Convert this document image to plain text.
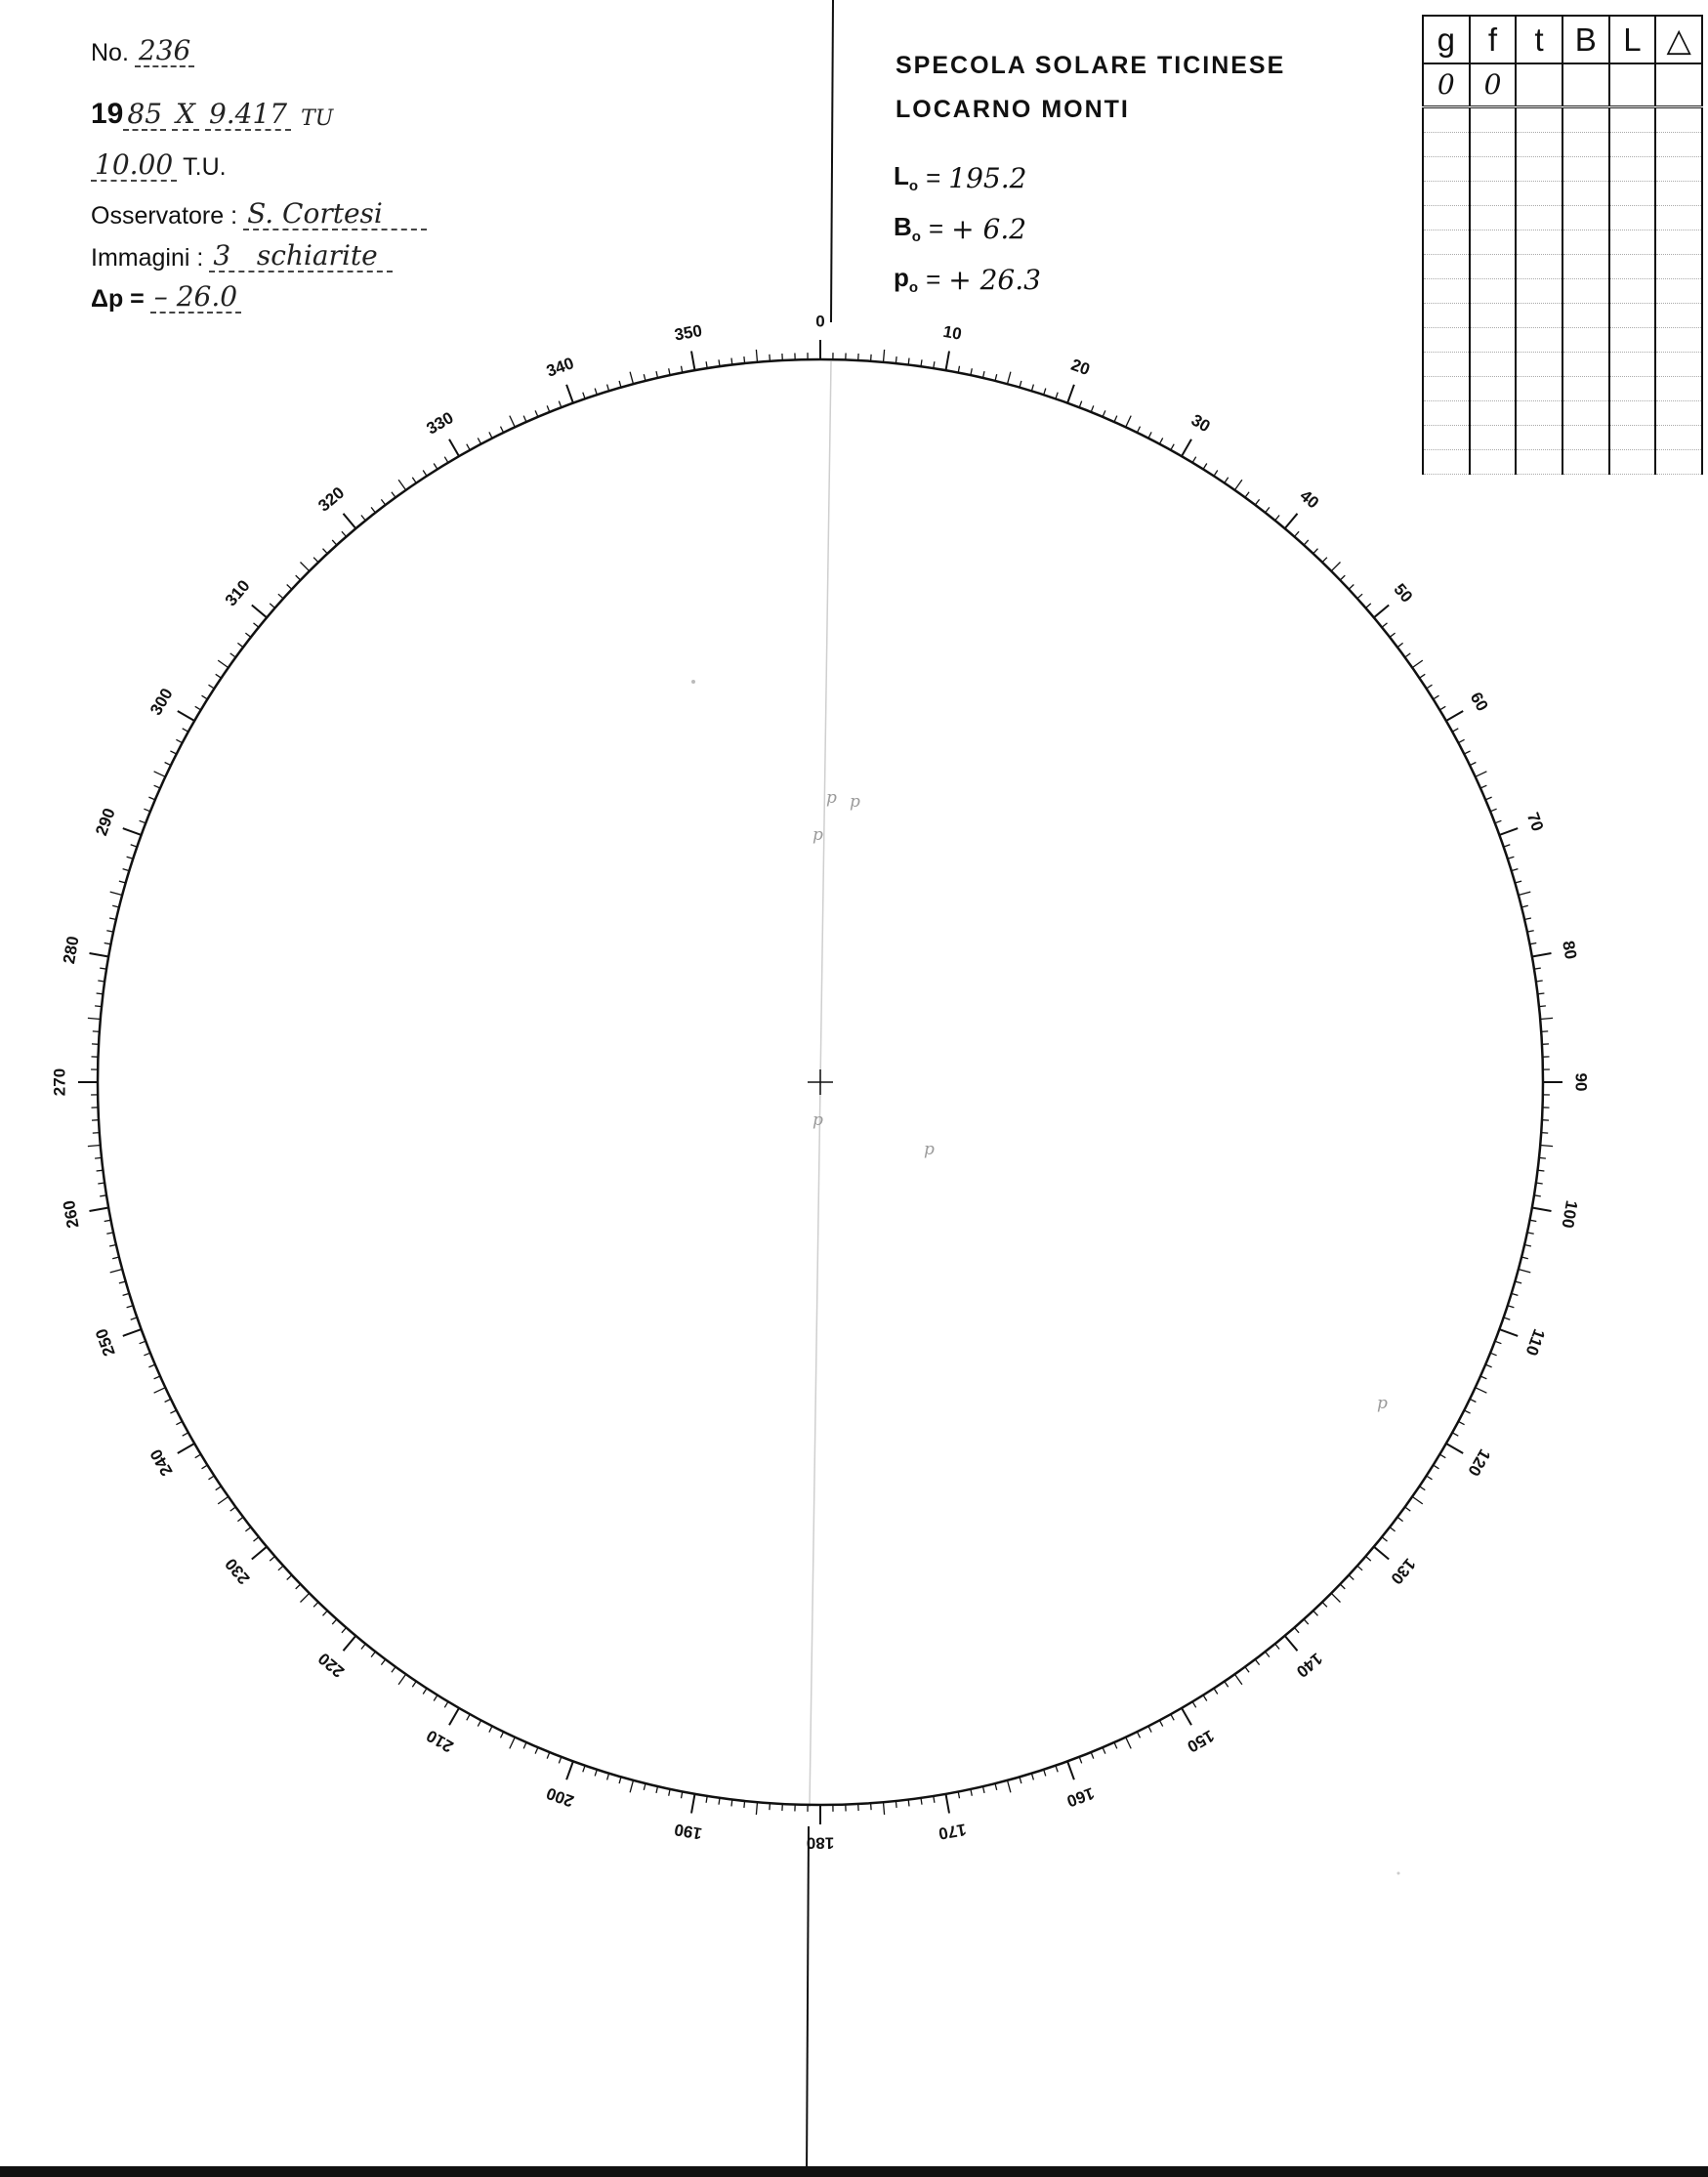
No. 236
19 85 X 9.417 TU
10.00 T.U.
Osservatore : S. Cortesi
Immagini : 3   schiarite
Δp = – 26.0
SPECOLA SOLARE TICINESE
LOCARNO MONTI
$L_o = 195.2$
$B_o$ = + 6.2
$p_o$ = + 26.3
g	f	t	B	L	△
0	0				

0
10
20
30
40
50
60
70
80
90
100
110
120
130
140
150
160
170
180
190
200
210
220
230
240
250
260
270
280
290
300
310
320
330
340
350
p p
p
p
p
p
